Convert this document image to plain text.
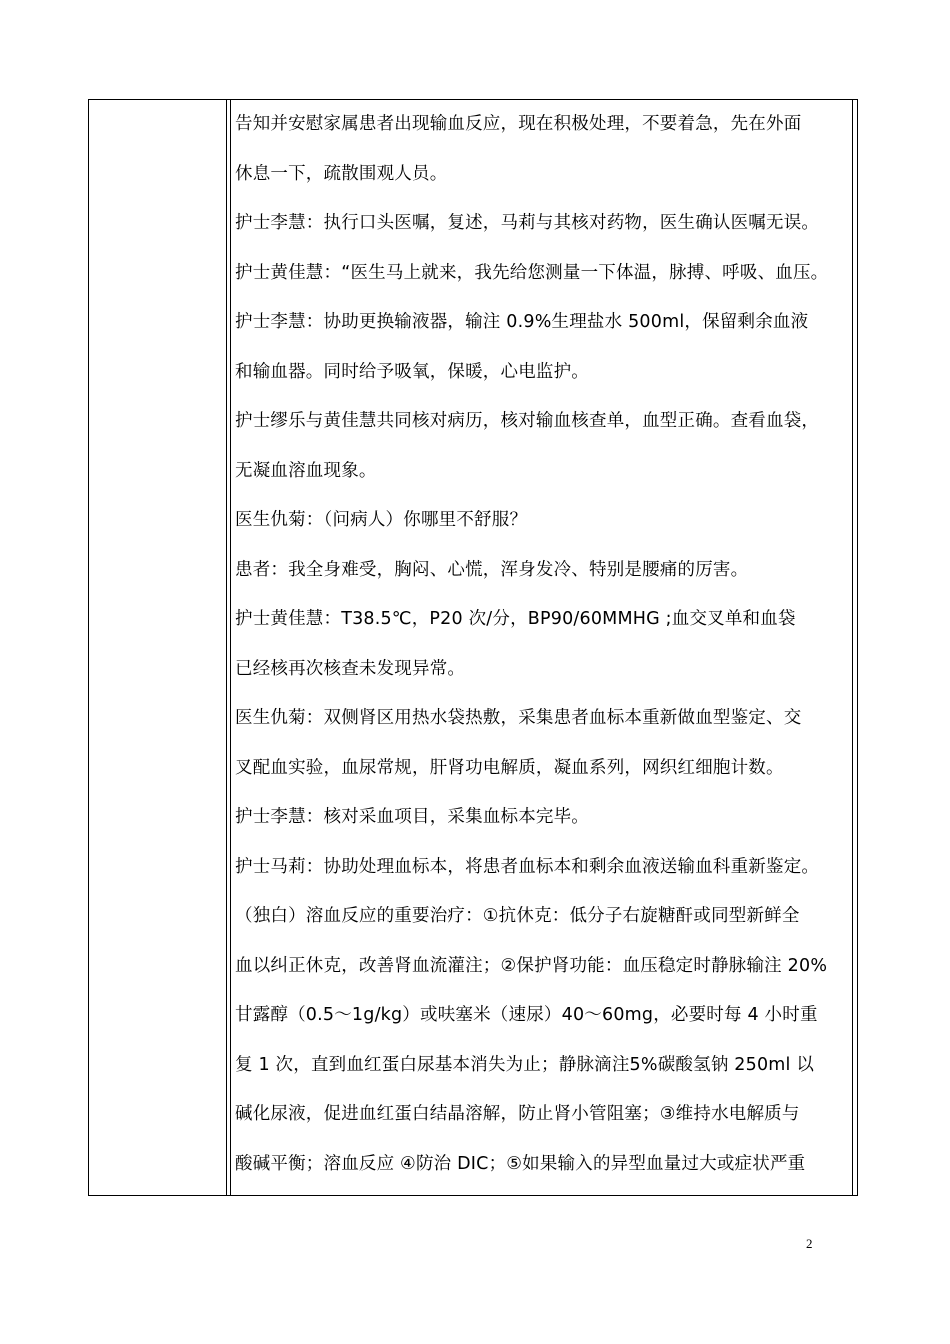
告知并安慰家属患者出现输血反应，现在积极处理，不要着急，先在外面
休息一下，疏散围观人员。
护士李慧：执行口头医嘱，复述，马莉与其核对药物，医生确认医嘱无误。
护士黄佳慧：“医生马上就来，我先给您测量一下体温，脉搏、呼吸、血压。
护士李慧：协助更换输液器，输注 0.9%生理盐水 500ml，保留剩余血液
和输血器。同时给予吸氧，保暖，心电监护。
护士缪乐与黄佳慧共同核对病历，核对输血核查单，血型正确。查看血袋，
无凝血溶血现象。
医生仇菊：（问病人）你哪里不舒服？
患者：我全身难受，胸闷、心慌，浑身发冷、特别是腰痛的厉害。
护士黄佳慧：T38.5℃，P20 次/分，BP90/60MMHG ;血交叉单和血袋
已经核再次核查未发现异常。
医生仇菊：双侧肾区用热水袋热敷，采集患者血标本重新做血型鉴定、交
叉配血实验，血尿常规，肝肾功电解质，凝血系列，网织红细胞计数。
护士李慧：核对采血项目，采集血标本完毕。
护士马莉：协助处理血标本，将患者血标本和剩余血液送输血科重新鉴定。
（独白）溶血反应的重要治疗：①抗休克：低分子右旋糖酐或同型新鲜全
血以纠正休克，改善肾血流灌注；②保护肾功能：血压稳定时静脉输注 20%
甘露醇（0.5～1g/kg）或呋塞米（速尿）40～60mg，必要时每 4 小时重
复 1 次，直到血红蛋白尿基本消失为止；静脉滴注5%碳酸氢钠 250ml 以
碱化尿液，促进血红蛋白结晶溶解，防止肾小管阻塞；③维持水电解质与
酸碱平衡；溶血反应 ④防治 DIC；⑤如果输入的异型血量过大或症状严重
2
